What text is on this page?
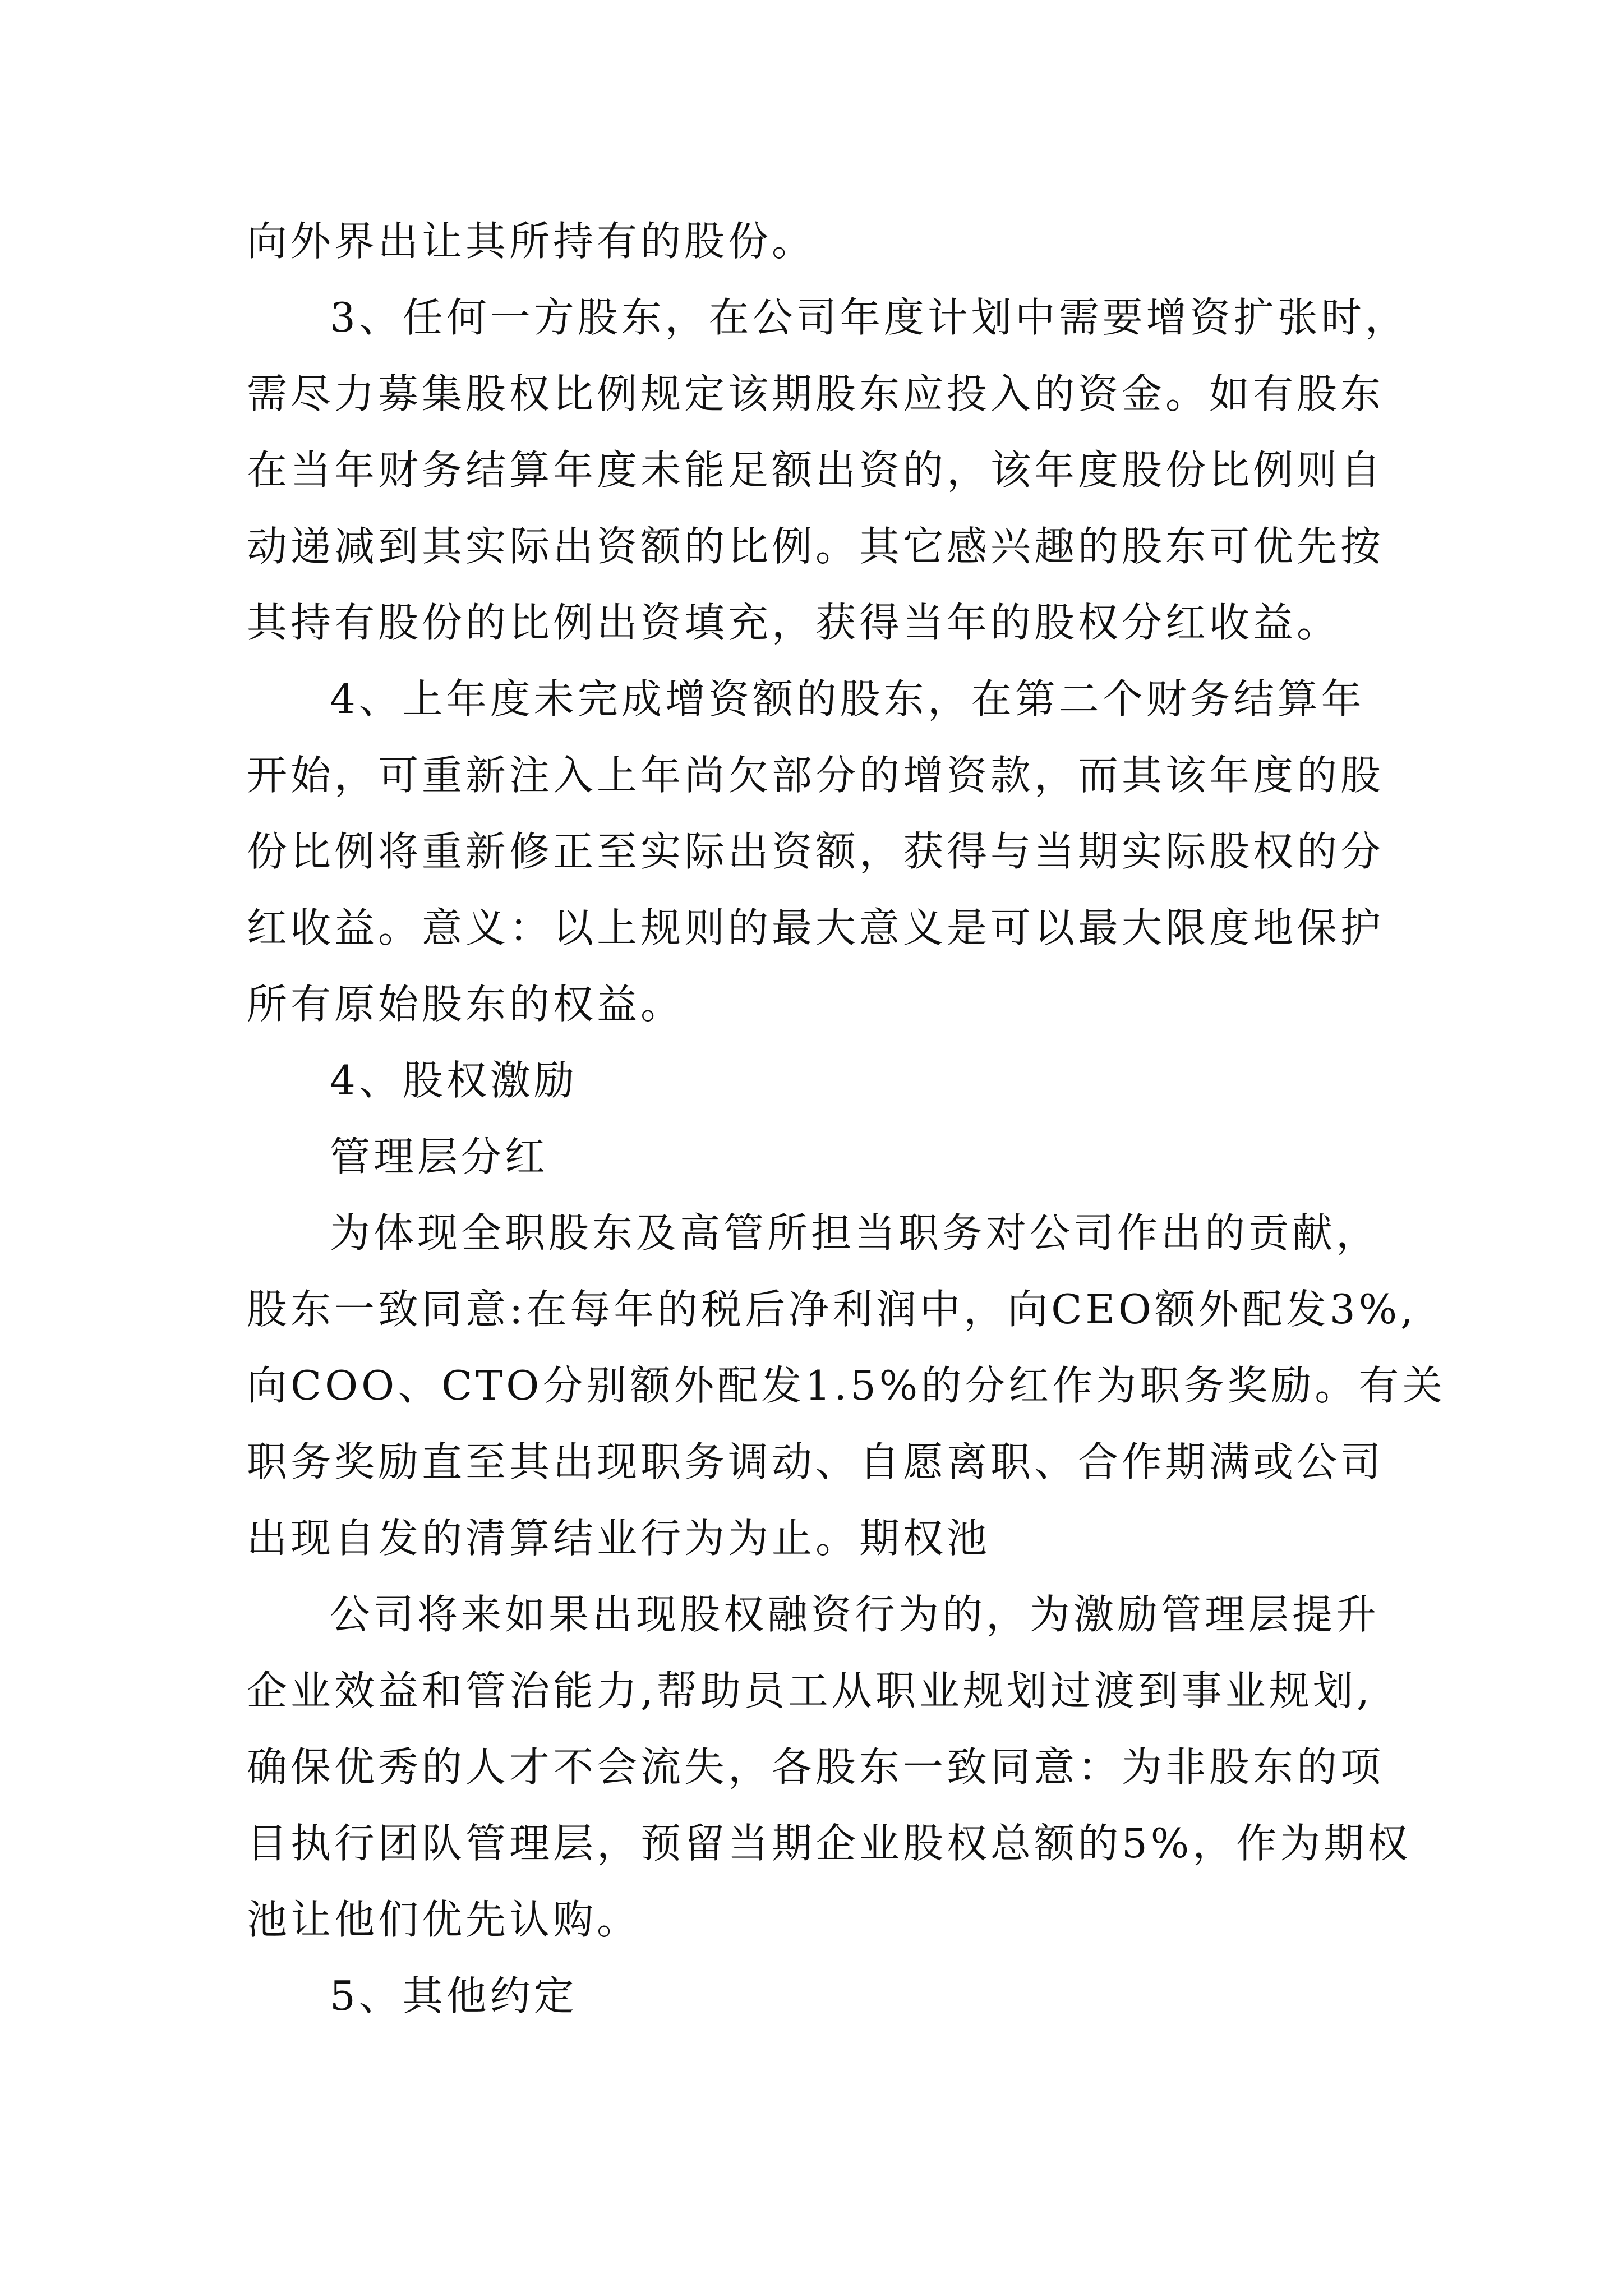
向外界出让其所持有的股份。
3、任何一方股东，在公司年度计划中需要增资扩张时，
需尽力募集股权比例规定该期股东应投入的资金。如有股东
在当年财务结算年度未能足额出资的，该年度股份比例则自
动递减到其实际出资额的比例。其它感兴趣的股东可优先按
其持有股份的比例出资填充，获得当年的股权分红收益。
4、上年度未完成增资额的股东，在第二个财务结算年
开始，可重新注入上年尚欠部分的增资款，而其该年度的股
份比例将重新修正至实际出资额，获得与当期实际股权的分
红收益。意义：以上规则的最大意义是可以最大限度地保护
所有原始股东的权益。
4、股权激励
管理层分红
为体现全职股东及高管所担当职务对公司作出的贡献，
股东一致同意:在每年的税后净利润中，向CEO额外配发3%,
向COO、CTO分别额外配发1.5%的分红作为职务奖励。有关
职务奖励直至其出现职务调动、自愿离职、合作期满或公司
出现自发的清算结业行为为止。期权池
公司将来如果出现股权融资行为的，为激励管理层提升
企业效益和管治能力,帮助员工从职业规划过渡到事业规划,
确保优秀的人才不会流失，各股东一致同意：为非股东的项
目执行团队管理层，预留当期企业股权总额的5%，作为期权
池让他们优先认购。
5、其他约定
